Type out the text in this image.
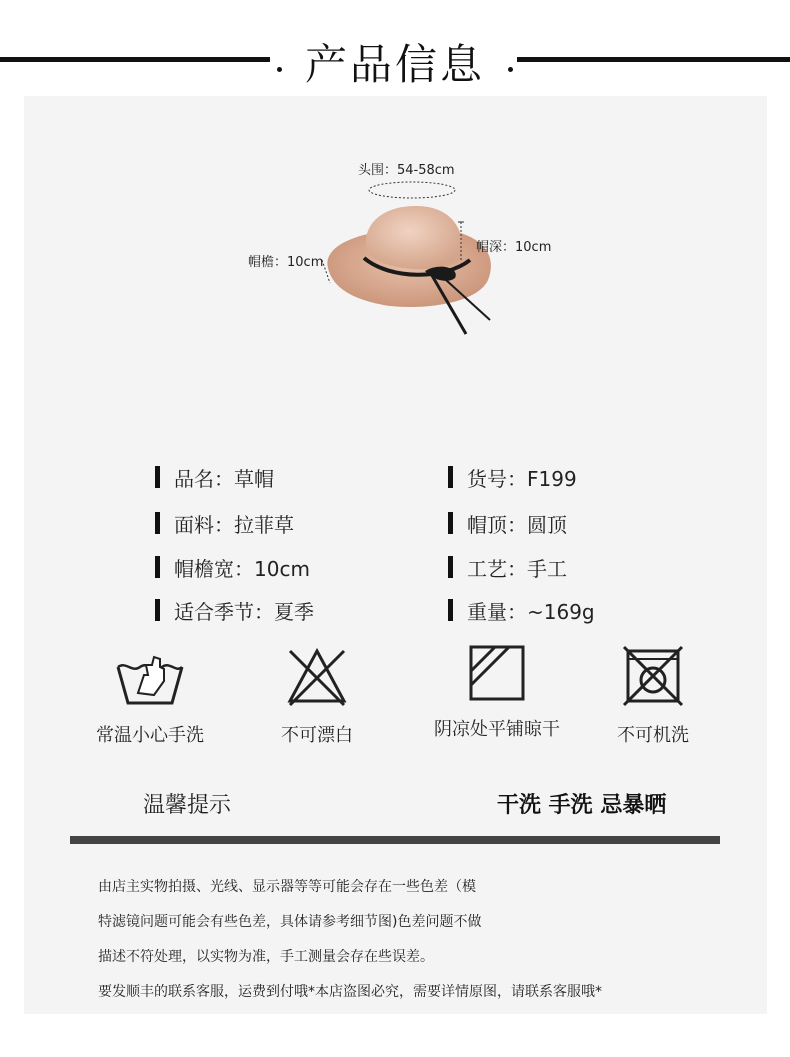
产品信息
头围：54-58cm
帽檐：10cm
帽深：10cm
品名：草帽	货号：F199
面料：拉菲草	帽顶：圆顶
帽檐宽：10cm	工艺：手工
适合季节：夏季	重量：~169g
常温小心手洗	不可漂白	阴凉处平铺晾干	不可机洗
温馨提示	干洗 手洗 忌暴晒
由店主实物拍摄、光线、显示器等等可能会存在一些色差（模
特滤镜问题可能会有些色差，具体请参考细节图)色差问题不做
描述不符处理，以实物为准，手工测量会存在些误差。
要发顺丰的联系客服，运费到付哦*本店盗图必究，需要详情原图，请联系客服哦*
